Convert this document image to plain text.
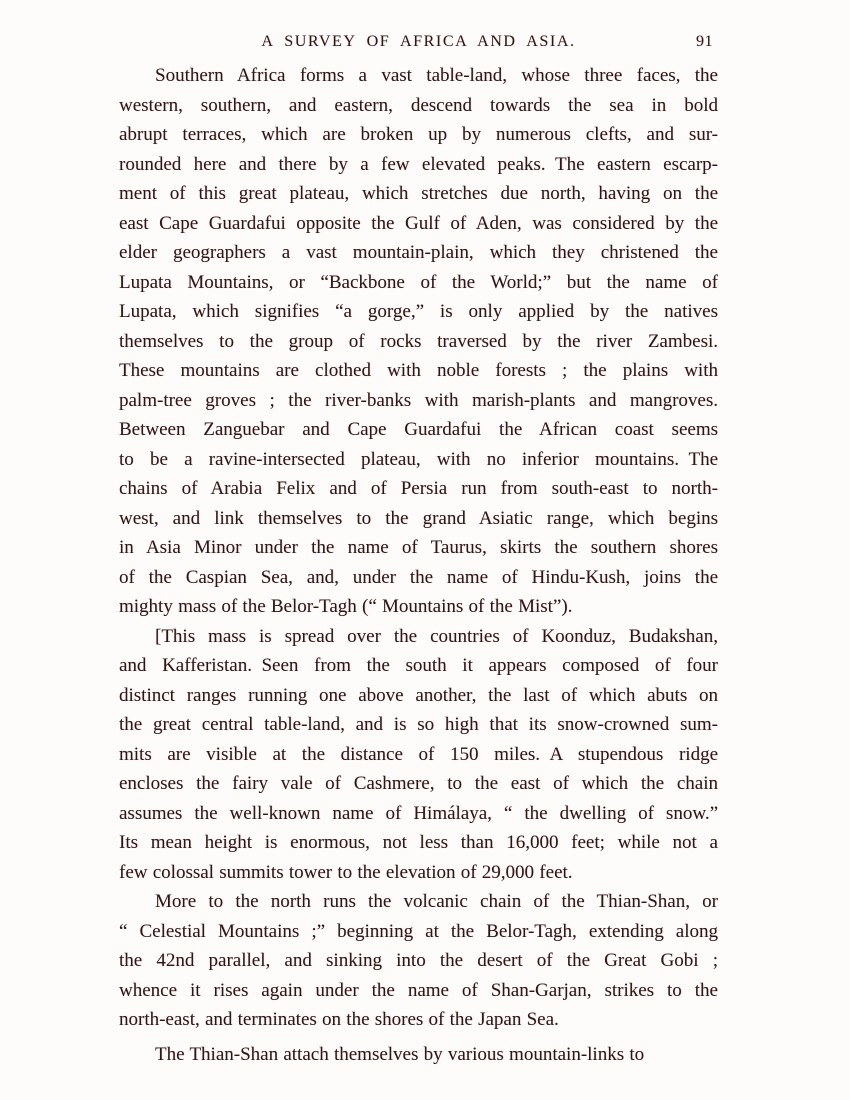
A SURVEY OF AFRICA AND ASIA.	91
Southern Africa forms a vast table-land, whose three faces, the
western, southern, and eastern, descend towards the sea in bold
abrupt terraces, which are broken up by numerous clefts, and sur-
rounded here and there by a few elevated peaks. The eastern escarp-
ment of this great plateau, which stretches due north, having on the
east Cape Guardafui opposite the Gulf of Aden, was considered by the
elder geographers a vast mountain-plain, which they christened the
Lupata Mountains, or “Backbone of the World;” but the name of
Lupata, which signifies “a gorge,” is only applied by the natives
themselves to the group of rocks traversed by the river Zambesi.
These mountains are clothed with noble forests ; the plains with
palm-tree groves ; the river-banks with marish-plants and mangroves.
Between Zanguebar and Cape Guardafui the African coast seems
to be a ravine-intersected plateau, with no inferior mountains. The
chains of Arabia Felix and of Persia run from south-east to north-
west, and link themselves to the grand Asiatic range, which begins
in Asia Minor under the name of Taurus, skirts the southern shores
of the Caspian Sea, and, under the name of Hindu-Kush, joins the
mighty mass of the Belor-Tagh (“ Mountains of the Mist”).
[This mass is spread over the countries of Koonduz, Budakshan,
and Kafferistan. Seen from the south it appears composed of four
distinct ranges running one above another, the last of which abuts on
the great central table-land, and is so high that its snow-crowned sum-
mits are visible at the distance of 150 miles. A stupendous ridge
encloses the fairy vale of Cashmere, to the east of which the chain
assumes the well-known name of Himálaya, “ the dwelling of snow.”
Its mean height is enormous, not less than 16,000 feet; while not a
few colossal summits tower to the elevation of 29,000 feet.
More to the north runs the volcanic chain of the Thian-Shan, or
“ Celestial Mountains ;” beginning at the Belor-Tagh, extending along
the 42nd parallel, and sinking into the desert of the Great Gobi ;
whence it rises again under the name of Shan-Garjan, strikes to the
north-east, and terminates on the shores of the Japan Sea.
The Thian-Shan attach themselves by various mountain-links to
